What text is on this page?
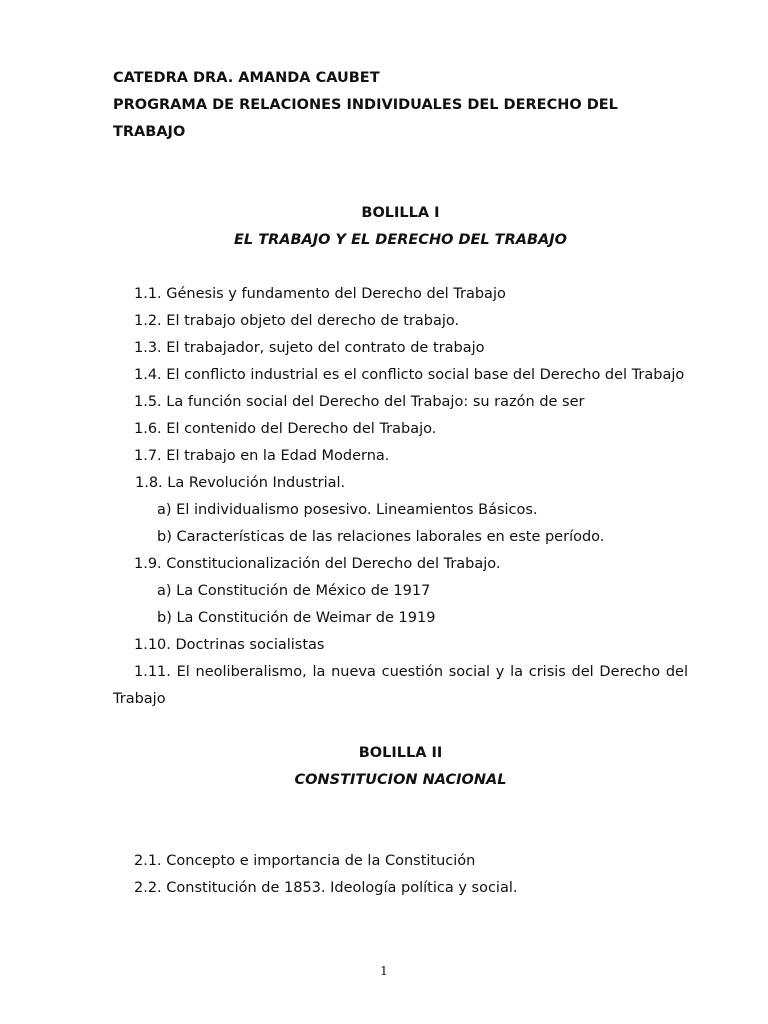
CATEDRA DRA. AMANDA CAUBET
PROGRAMA DE RELACIONES INDIVIDUALES DEL DERECHO DEL
TRABAJO
BOLILLA I
EL TRABAJO Y EL DERECHO DEL TRABAJO
1.1. Génesis y fundamento del Derecho del Trabajo
1.2. El trabajo objeto del derecho de trabajo.
1.3. El trabajador, sujeto del contrato de trabajo
1.4. El conflicto industrial es el conflicto social base del Derecho del Trabajo
1.5. La función social del Derecho del Trabajo: su razón de ser
1.6. El contenido del Derecho del Trabajo.
1.7. El trabajo en la Edad Moderna.
1.8. La Revolución Industrial.
a) El individualismo posesivo. Lineamientos Básicos.
b) Características de las relaciones laborales en este período.
1.9. Constitucionalización del Derecho del Trabajo.
a) La Constitución de México de 1917
b) La Constitución de Weimar de 1919
1.10. Doctrinas socialistas
1.11. El neoliberalismo, la nueva cuestión social y la crisis del Derecho del Trabajo
BOLILLA II
CONSTITUCION NACIONAL
2.1. Concepto e importancia de la Constitución
2.2. Constitución de 1853. Ideología política y social.
1
